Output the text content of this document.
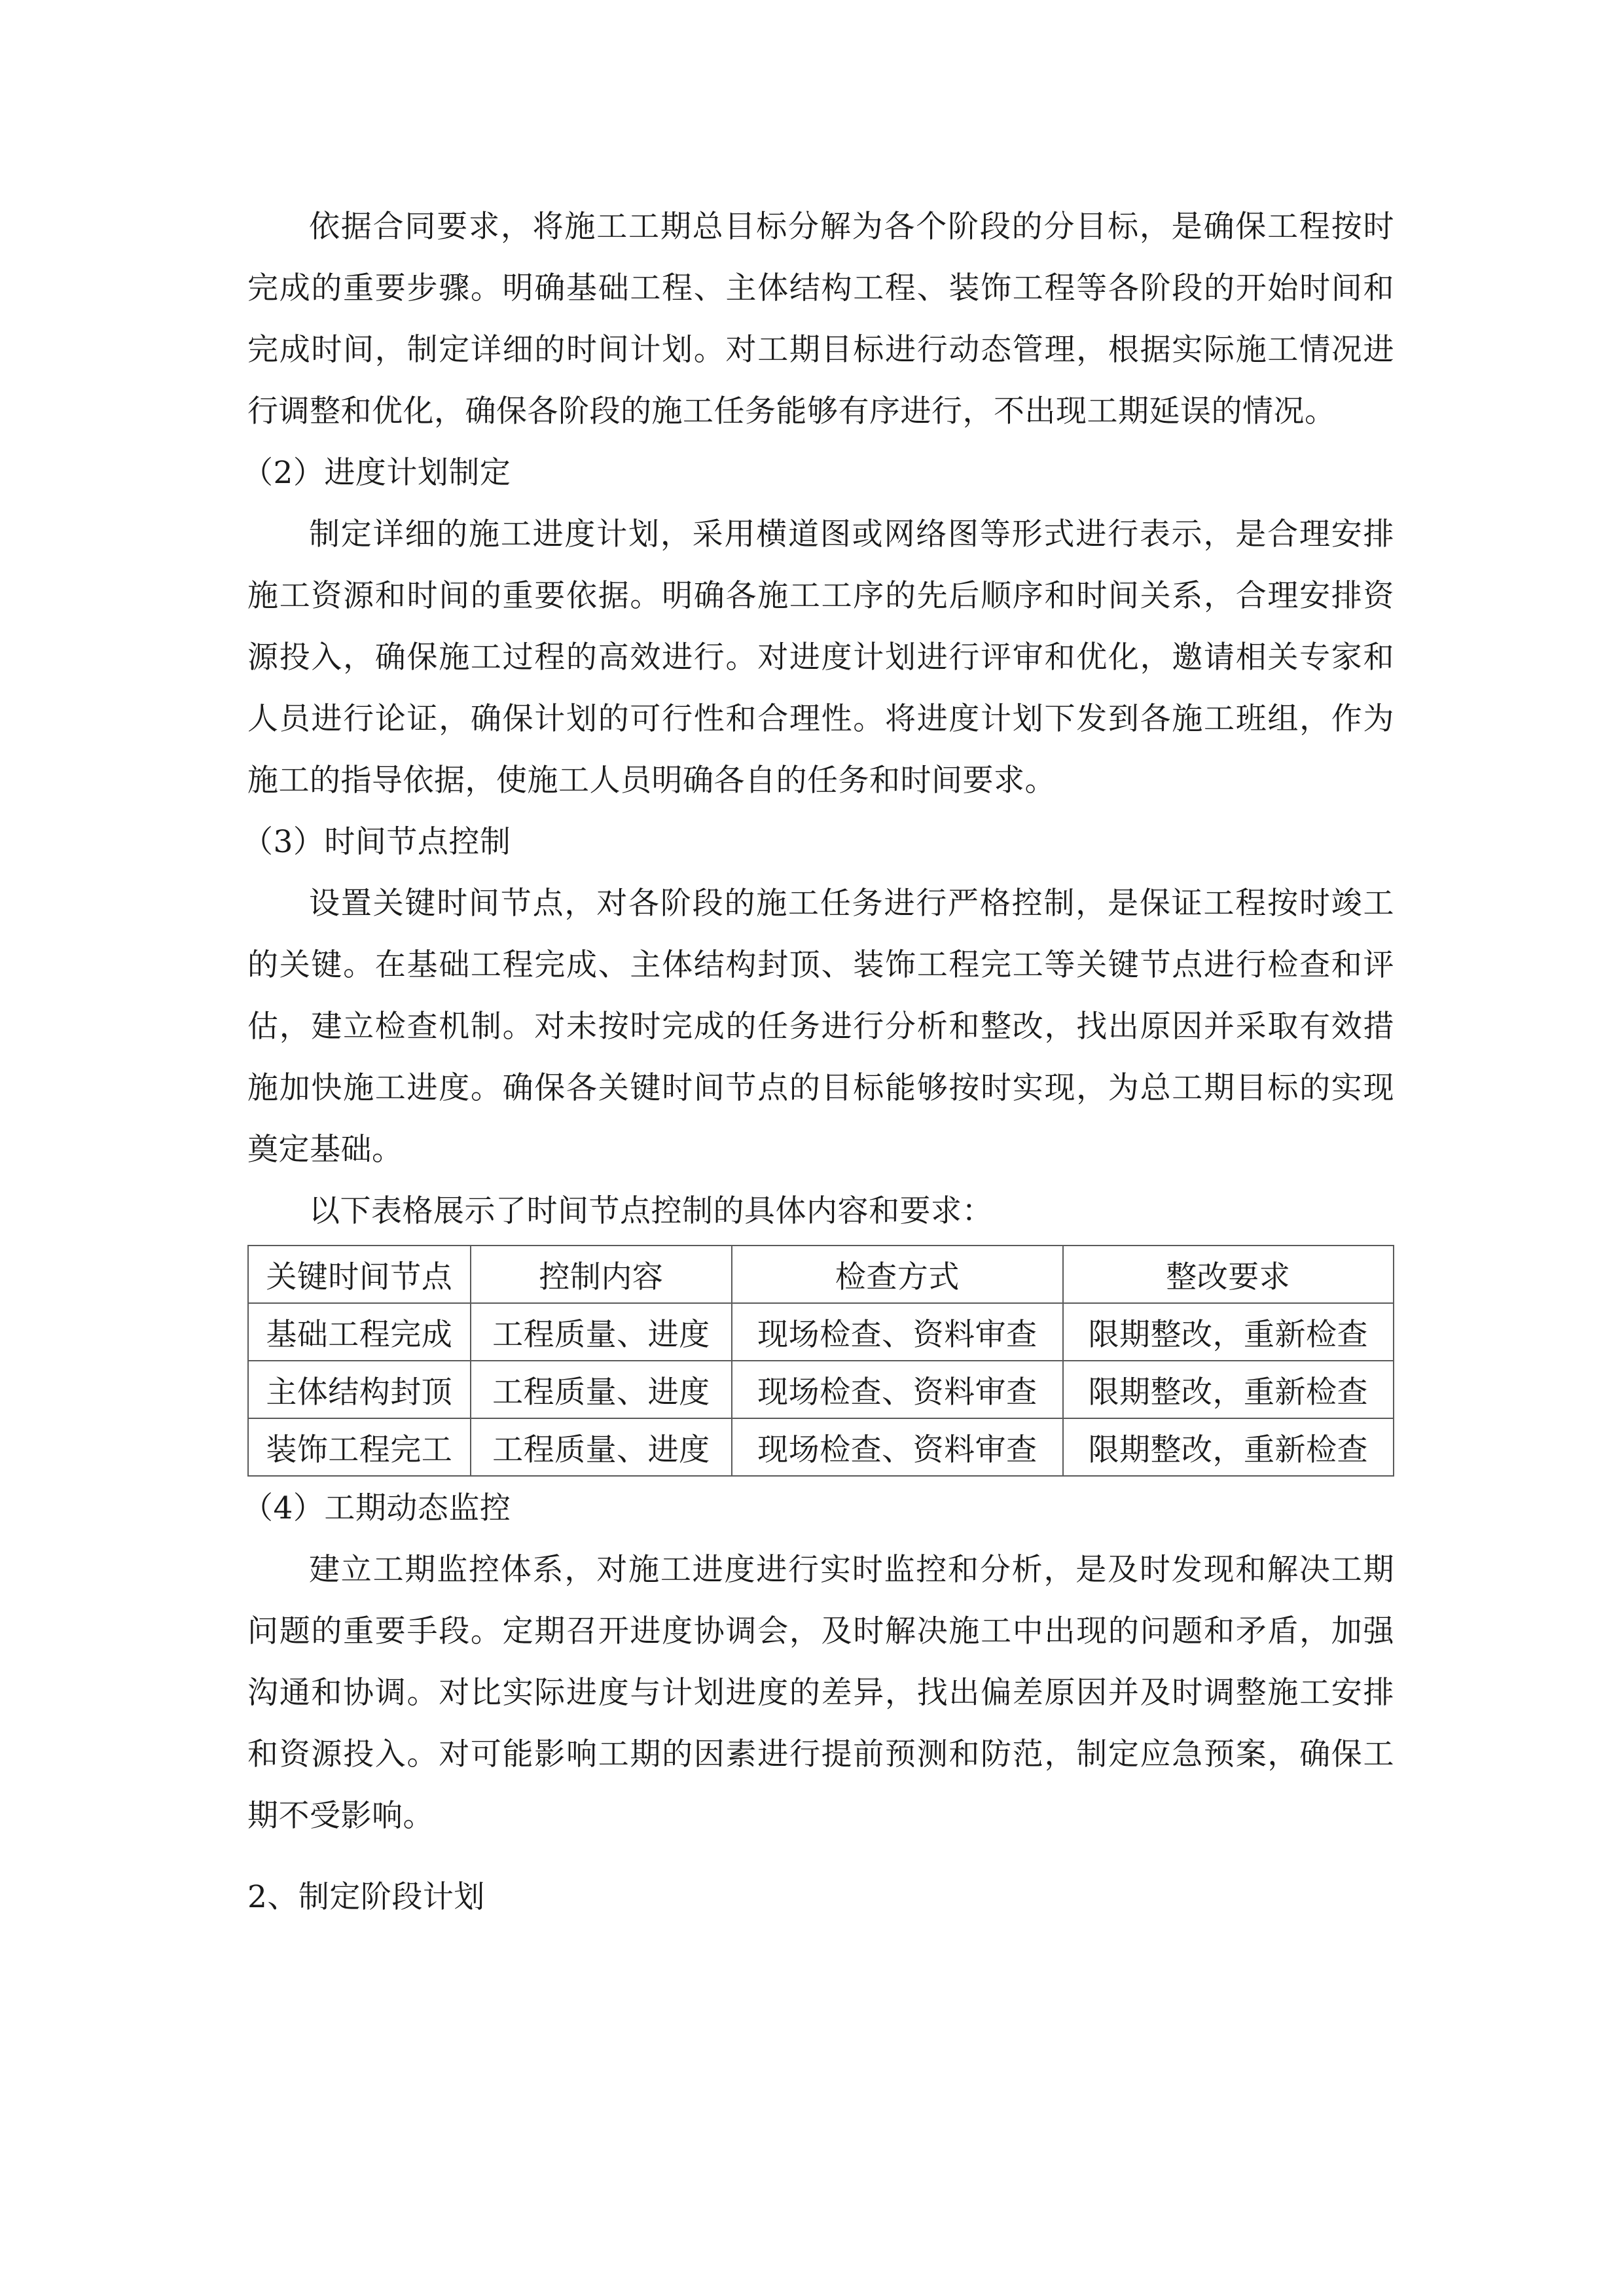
依据合同要求，将施工工期总目标分解为各个阶段的分目标，是确保工程按时完成的重要步骤。明确基础工程、主体结构工程、装饰工程等各阶段的开始时间和完成时间，制定详细的时间计划。对工期目标进行动态管理，根据实际施工情况进行调整和优化，确保各阶段的施工任务能够有序进行，不出现工期延误的情况。

（2）进度计划制定

制定详细的施工进度计划，采用横道图或网络图等形式进行表示，是合理安排施工资源和时间的重要依据。明确各施工工序的先后顺序和时间关系，合理安排资源投入，确保施工过程的高效进行。对进度计划进行评审和优化，邀请相关专家和人员进行论证，确保计划的可行性和合理性。将进度计划下发到各施工班组，作为施工的指导依据，使施工人员明确各自的任务和时间要求。

（3）时间节点控制

设置关键时间节点，对各阶段的施工任务进行严格控制，是保证工程按时竣工的关键。在基础工程完成、主体结构封顶、装饰工程完工等关键节点进行检查和评估，建立检查机制。对未按时完成的任务进行分析和整改，找出原因并采取有效措施加快施工进度。确保各关键时间节点的目标能够按时实现，为总工期目标的实现奠定基础。

以下表格展示了时间节点控制的具体内容和要求：

关键时间节点	控制内容	检查方式	整改要求
基础工程完成	工程质量、进度	现场检查、资料审查	限期整改，重新检查
主体结构封顶	工程质量、进度	现场检查、资料审查	限期整改，重新检查
装饰工程完工	工程质量、进度	现场检查、资料审查	限期整改，重新检查

（4）工期动态监控

建立工期监控体系，对施工进度进行实时监控和分析，是及时发现和解决工期问题的重要手段。定期召开进度协调会，及时解决施工中出现的问题和矛盾，加强沟通和协调。对比实际进度与计划进度的差异，找出偏差原因并及时调整施工安排和资源投入。对可能影响工期的因素进行提前预测和防范，制定应急预案，确保工期不受影响。

2、制定阶段计划
